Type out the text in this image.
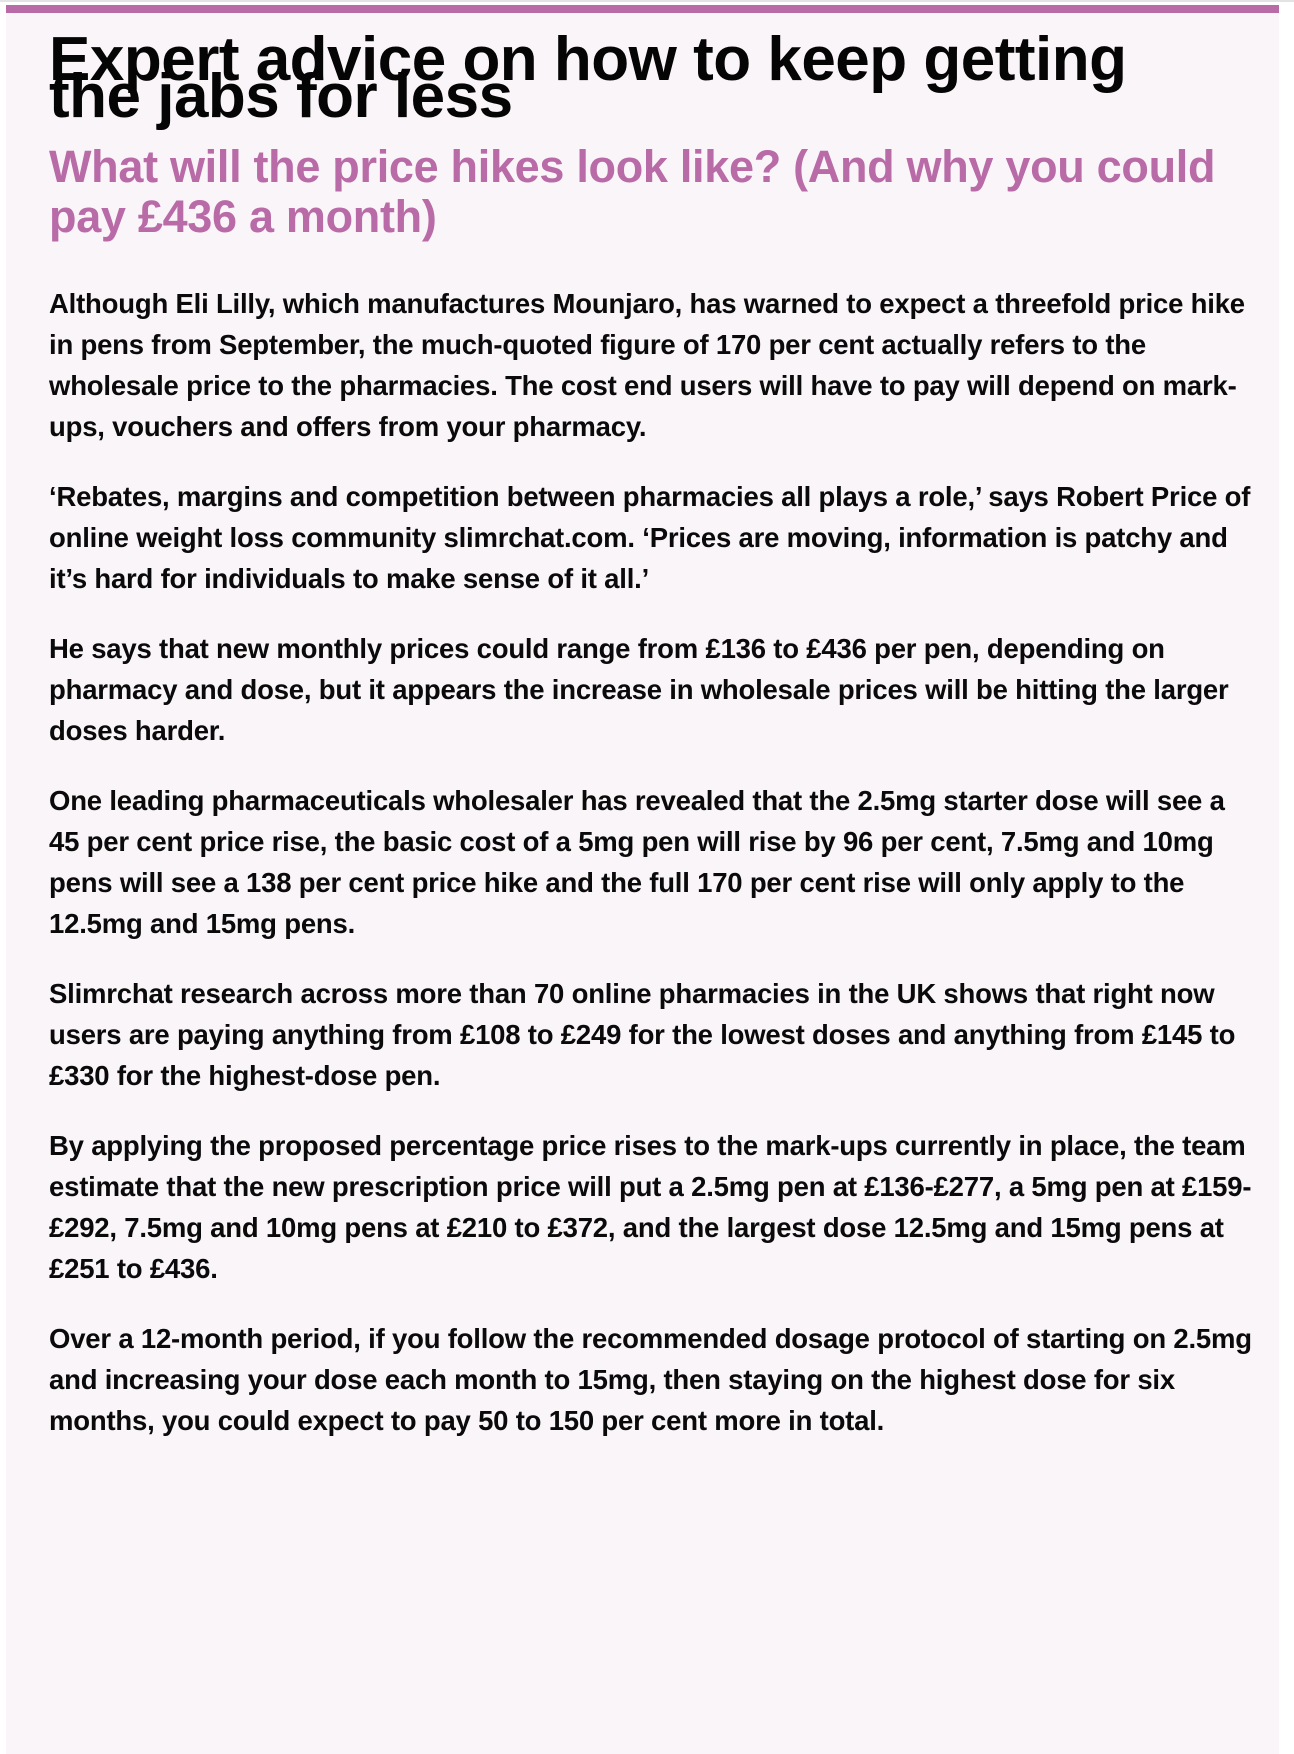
Expert advice on how to keep getting the jabs for less
What will the price hikes look like? (And why you could pay £436 a month)

Although Eli Lilly, which manufactures Mounjaro, has warned to expect a threefold price hike in pens from September, the much-quoted figure of 170 per cent actually refers to the wholesale price to the pharmacies. The cost end users will have to pay will depend on mark-ups, vouchers and offers from your pharmacy.

‘Rebates, margins and competition between pharmacies all plays a role,’ says Robert Price of online weight loss community slimrchat.com. ‘Prices are moving, information is patchy and it’s hard for individuals to make sense of it all.’

He says that new monthly prices could range from £136 to £436 per pen, depending on pharmacy and dose, but it appears the increase in wholesale prices will be hitting the larger doses harder.

One leading pharmaceuticals wholesaler has revealed that the 2.5mg starter dose will see a 45 per cent price rise, the basic cost of a 5mg pen will rise by 96 per cent, 7.5mg and 10mg pens will see a 138 per cent price hike and the full 170 per cent rise will only apply to the 12.5mg and 15mg pens.

Slimrchat research across more than 70 online pharmacies in the UK shows that right now users are paying anything from £108 to £249 for the lowest doses and anything from £145 to £330 for the highest-dose pen.

By applying the proposed percentage price rises to the mark-ups currently in place, the team estimate that the new prescription price will put a 2.5mg pen at £136-£277, a 5mg pen at £159-£292, 7.5mg and 10mg pens at £210 to £372, and the largest dose 12.5mg and 15mg pens at £251 to £436.

Over a 12-month period, if you follow the recommended dosage protocol of starting on 2.5mg and increasing your dose each month to 15mg, then staying on the highest dose for six months, you could expect to pay 50 to 150 per cent more in total.
